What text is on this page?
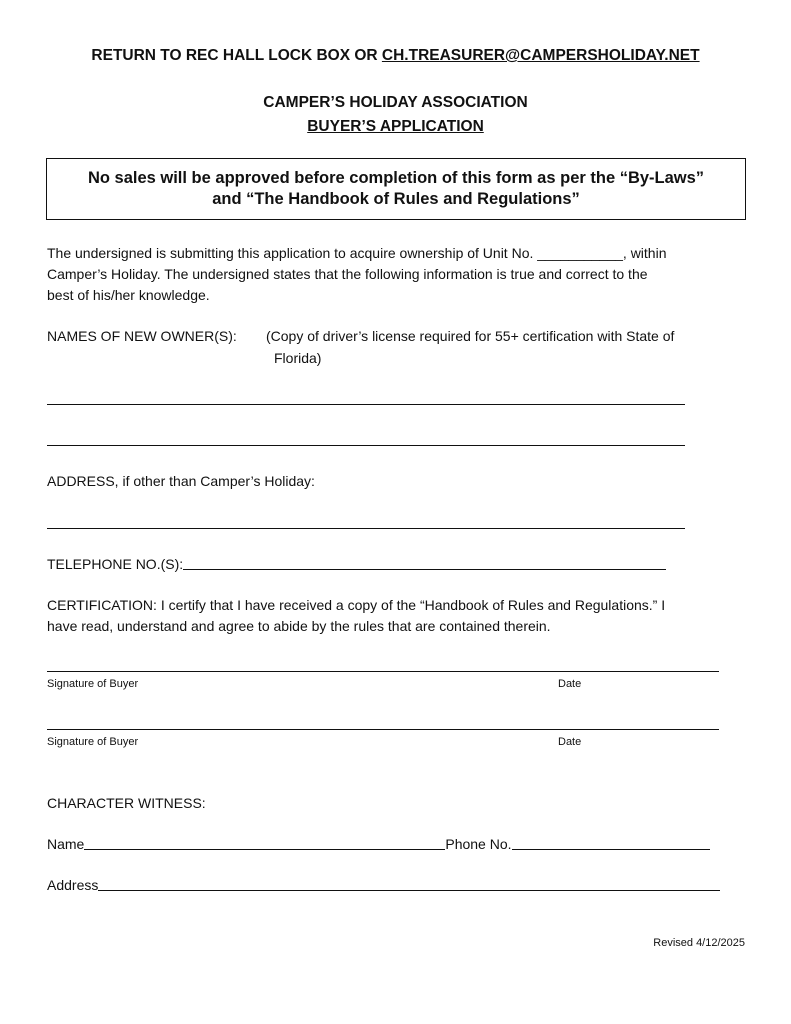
RETURN TO REC HALL LOCK BOX OR CH.TREASURER@CAMPERSHOLIDAY.NET
CAMPER’S HOLIDAY ASSOCIATION
BUYER’S APPLICATION
No sales will be approved before completion of this form as per the “By-Laws”
and “The Handbook of Rules and Regulations”
The undersigned is submitting this application to acquire ownership of Unit No. ___________, within
Camper’s Holiday. The undersigned states that the following information is true and correct to the
best of his/her knowledge.
NAMES OF NEW OWNER(S): (Copy of driver’s license required for 55+ certification with State of
Florida)
ADDRESS, if other than Camper’s Holiday:
TELEPHONE NO.(S):
CERTIFICATION: I certify that I have received a copy of the “Handbook of Rules and Regulations.” I
have read, understand and agree to abide by the rules that are contained therein.
Signature of Buyer	Date
Signature of Buyer	Date
CHARACTER WITNESS:
Name	Phone No.
Address
Revised 4/12/2025
